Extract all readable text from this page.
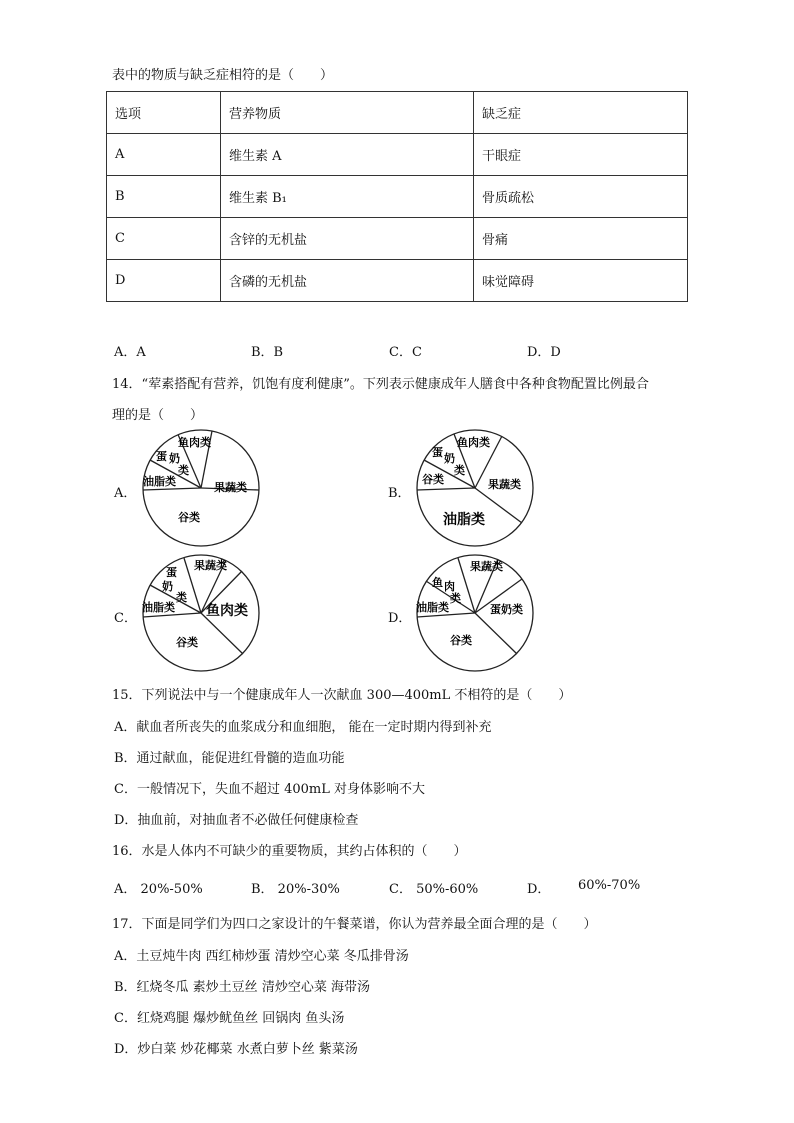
表中的物质与缺乏症相符的是（　　）
选项	营养物质	缺乏症
A	维生素 A	干眼症
B	维生素 B₁	骨质疏松
C	含锌的无机盐	骨痛
D	含磷的无机盐	味觉障碍
A．A	B．B	C．C	D．D
14．“荤素搭配有营养，饥饱有度利健康”。下列表示健康成年人膳食中各种食物配置比例最合
理的是（　　）
A．	B．
C．	D．
鱼肉类
蛋 奶
类
油脂类	果蔬类
谷类
鱼肉类
蛋 奶
类
谷类	果蔬类
油脂类
果蔬类
蛋
奶
类
油脂类 鱼肉类
谷类
果蔬类
鱼 肉
类
油脂类	蛋奶类
谷类
15．下列说法中与一个健康成年人一次献血 300—400mL 不相符的是（　　）
A．献血者所丧失的血浆成分和血细胞， 能在一定时期内得到补充
B．通过献血，能促进红骨髓的造血功能
C．一般情况下，失血不超过 400mL 对身体影响不大
D．抽血前，对抽血者不必做任何健康检查
16．水是人体内不可缺少的重要物质，其约占体积的（　　）
A． 20%-50%	B． 20%-30%	C． 50%-60%	D． 60%-70%
17．下面是同学们为四口之家设计的午餐菜谱，你认为营养最全面合理的是（　　）
A．土豆炖牛肉 西红柿炒蛋 清炒空心菜 冬瓜排骨汤
B．红烧冬瓜 素炒土豆丝 清炒空心菜 海带汤
C．红烧鸡腿 爆炒鱿鱼丝 回锅肉 鱼头汤
D．炒白菜 炒花椰菜 水煮白萝卜丝 紫菜汤
